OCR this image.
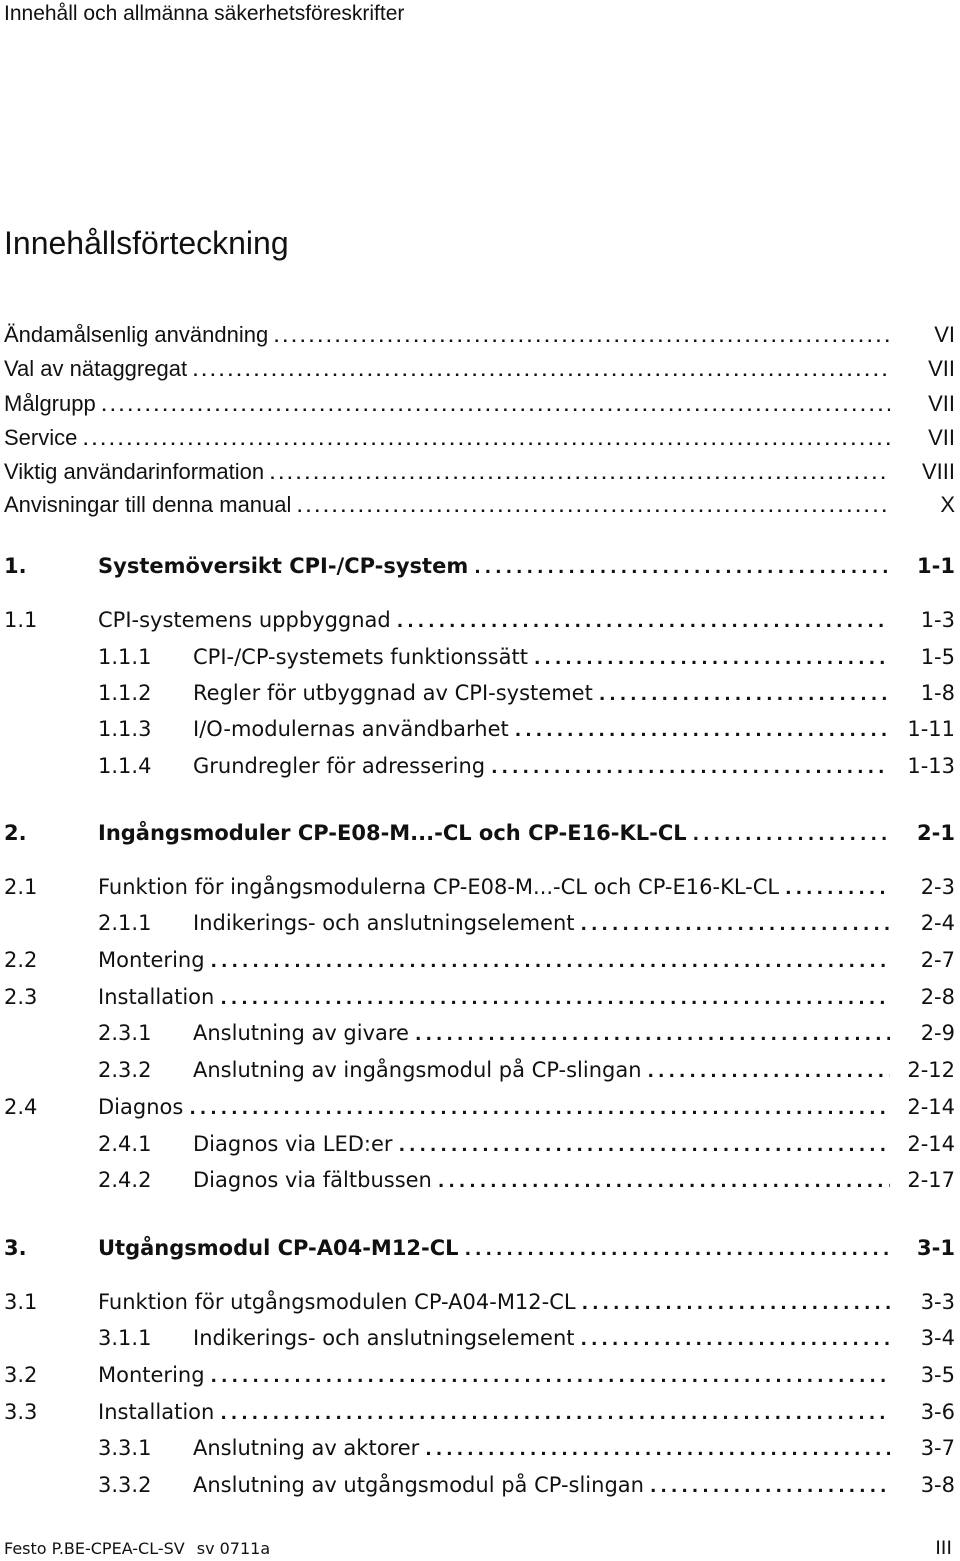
Innehåll och allmänna säkerhetsföreskrifter
Innehållsförteckning
Ändamålsenlig användning .....	VI
Val av nätaggregat .....	VII
Målgrupp .....	VII
Service .....	VII
Viktig användarinformation .....	VIII
Anvisningar till denna manual .....	X
1.	Systemöversikt CPI-/CP-system .....	1-1
1.1	CPI-systemens uppbyggnad .....	1-3
1.1.1 CPI-/CP-systemets funktionssätt .....	1-5
1.1.2 Regler för utbyggnad av CPI-systemet .....	1-8
1.1.3 I/O-modulernas användbarhet .....	1-11
1.1.4 Grundregler för adressering .....	1-13
2.	Ingångsmoduler CP-E08-M...-CL och CP-E16-KL-CL .....	2-1
2.1	Funktion för ingångsmodulerna CP-E08-M...-CL och CP-E16-KL-CL .....	2-3
2.1.1 Indikerings- och anslutningselement .....	2-4
2.2	Montering .....	2-7
2.3	Installation .....	2-8
2.3.1 Anslutning av givare .....	2-9
2.3.2 Anslutning av ingångsmodul på CP-slingan .....	2-12
2.4	Diagnos .....	2-14
2.4.1 Diagnos via LED:er .....	2-14
2.4.2 Diagnos via fältbussen .....	2-17
3.	Utgångsmodul CP-A04-M12-CL .....	3-1
3.1	Funktion för utgångsmodulen CP-A04-M12-CL .....	3-3
3.1.1 Indikerings- och anslutningselement .....	3-4
3.2	Montering .....	3-5
3.3	Installation .....	3-6
3.3.1 Anslutning av aktorer .....	3-7
3.3.2 Anslutning av utgångsmodul på CP-slingan .....	3-8
Festo P.BE-CPEA-CL-SV sv 0711a	III
